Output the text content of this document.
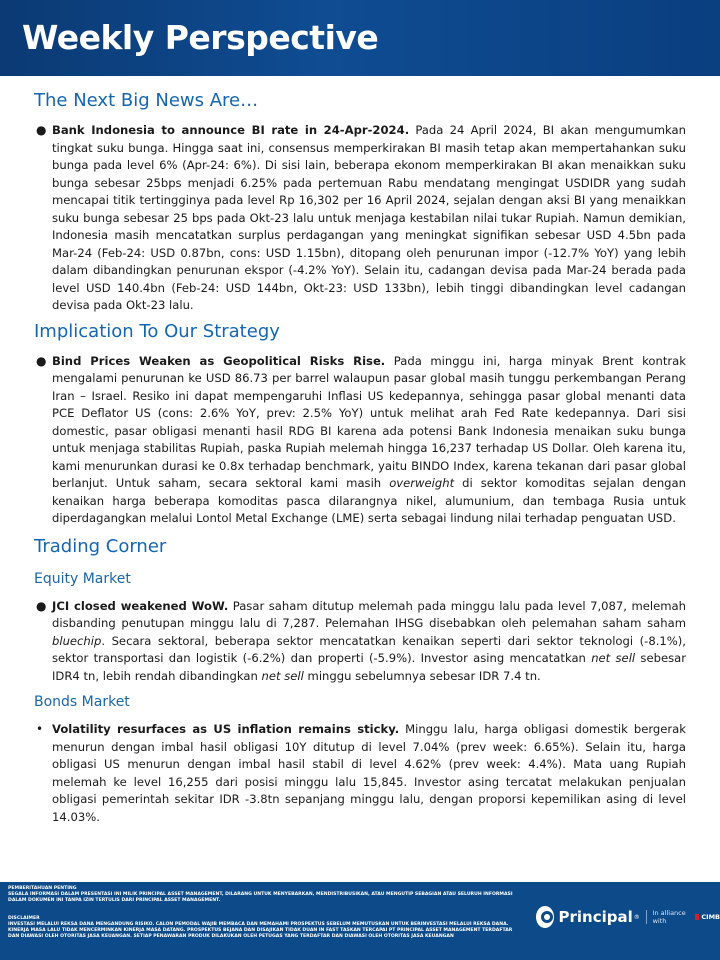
Weekly Perspective
The Next Big News Are…
● Bank Indonesia to announce BI rate in 24-Apr-2024. Pada 24 April 2024, BI akan mengumumkan tingkat suku bunga. Hingga saat ini, consensus memperkirakan BI masih tetap akan mempertahankan suku bunga pada level 6% (Apr-24: 6%). Di sisi lain, beberapa ekonom memperkirakan BI akan menaikkan suku bunga sebesar 25bps menjadi 6.25% pada pertemuan Rabu mendatang mengingat USDIDR yang sudah mencapai titik tertingginya pada level Rp 16,302 per 16 April 2024, sejalan dengan aksi BI yang menaikkan suku bunga sebesar 25 bps pada Okt-23 lalu untuk menjaga kestabilan nilai tukar Rupiah. Namun demikian, Indonesia masih mencatatkan surplus perdagangan yang meningkat signifikan sebesar USD 4.5bn pada Mar-24 (Feb-24: USD 0.87bn, cons: USD 1.15bn), ditopang oleh penurunan impor (-12.7% YoY) yang lebih dalam dibandingkan penurunan ekspor (-4.2% YoY). Selain itu, cadangan devisa pada Mar-24 berada pada level USD 140.4bn (Feb-24: USD 144bn, Okt-23: USD 133bn), lebih tinggi dibandingkan level cadangan devisa pada Okt-23 lalu.

Implication To Our Strategy
● Bind Prices Weaken as Geopolitical Risks Rise. Pada minggu ini, harga minyak Brent kontrak mengalami penurunan ke USD 86.73 per barrel walaupun pasar global masih tunggu perkembangan Perang Iran – Israel. Resiko ini dapat mempengaruhi Inflasi US kedepannya, sehingga pasar global menanti data PCE Deflator US (cons: 2.6% YoY, prev: 2.5% YoY) untuk melihat arah Fed Rate kedepannya. Dari sisi domestic, pasar obligasi menanti hasil RDG BI karena ada potensi Bank Indonesia menaikan suku bunga untuk menjaga stabilitas Rupiah, paska Rupiah melemah hingga 16,237 terhadap US Dollar. Oleh karena itu, kami menurunkan durasi ke 0.8x terhadap benchmark, yaitu BINDO Index, karena tekanan dari pasar global berlanjut. Untuk saham, secara sektoral kami masih overweight di sektor komoditas sejalan dengan kenaikan harga beberapa komoditas pasca dilarangnya nikel, alumunium, dan tembaga Rusia untuk diperdagangkan melalui Lontol Metal Exchange (LME) serta sebagai lindung nilai terhadap penguatan USD.

Trading Corner
Equity Market
● JCI closed weakened WoW. Pasar saham ditutup melemah pada minggu lalu pada level 7,087, melemah disbanding penutupan minggu lalu di 7,287. Pelemahan IHSG disebabkan oleh pelemahan saham saham bluechip. Secara sektoral, beberapa sektor mencatatkan kenaikan seperti dari sektor teknologi (-8.1%), sektor transportasi dan logistik (-6.2%) dan properti (-5.9%). Investor asing mencatatkan net sell sebesar IDR4 tn, lebih rendah dibandingkan net sell minggu sebelumnya sebesar IDR 7.4 tn.

Bonds Market
• Volatility resurfaces as US inflation remains sticky. Minggu lalu, harga obligasi domestik bergerak menurun dengan imbal hasil obligasi 10Y ditutup di level 7.04% (prev week: 6.65%). Selain itu, harga obligasi US menurun dengan imbal hasil stabil di level 4.62% (prev week: 4.4%). Mata uang Rupiah melemah ke level 16,255 dari posisi minggu lalu 15,845. Investor asing tercatat melakukan penjualan obligasi pemerintah sekitar IDR -3.8tn sepanjang minggu lalu, dengan proporsi kepemilikan asing di level 14.03%.

PEMBERITAHUAN PENTING
SEGALA INFORMASI DALAM PRESENTASI INI MILIK PRINCIPAL ASSET MANAGEMENT, DILARANG UNTUK MENYEBARKAN, MENDISTRIBUSIKAN, ATAU MENGUTIP SEBAGIAN ATAU SELURUH INFORMASI DALAM DOKUMEN INI TANPA IZIN TERTULIS DARI PRINCIPAL ASSET MANAGEMENT.
DISCLAIMER
INVESTASI MELALUI REKSA DANA MENGANDUNG RISIKO. CALON PEMODAL WAJIB MEMBACA DAN MEMAHAMI PROSPEKTUS SEBELUM MEMUTUSKAN UNTUK BERINVESTASI MELALUI REKSA DANA. KINERJA MASA LALU TIDAK MENCERMINKAN KINERJA MASA DATANG. PROSPEKTUS BEJANA DAN DISAJIKAN TIDAK DUAN IN FAST TASKAN TERCAPAI PT PRINCIPAL ASSET MANAGEMENT TERDAFTAR DAN DIAWASI OLEH OTORITAS JASA KEUANGAN. SETIAP PENAWARAN PRODUK DILAKUKAN OLEH PETUGAS YANG TERDAFTAR DAN DIAWASI OLEH OTORITAS JASA KEUANGAN
Principal ® In alliance with	CIMB
